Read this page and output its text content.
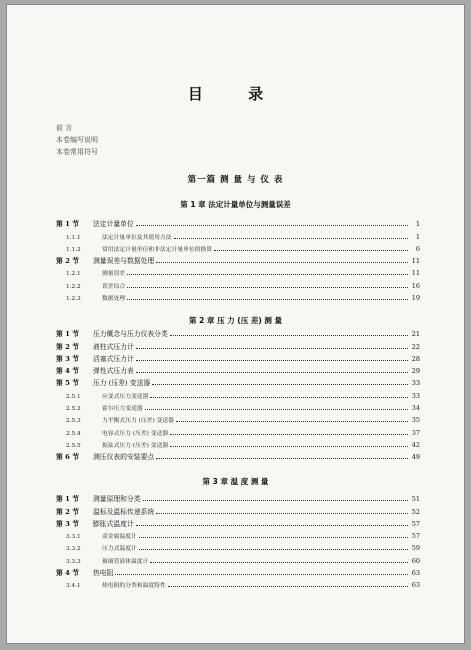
目 录
前 言
本卷编写说明
本卷常用符号
第一篇 测 量 与 仪 表
第 1 章 法定计量单位与测量误差
第 1 节	法定计量单位	1
1.1.1	法定计量单位及其使用方法	1
1.1.2	常用法定计量单位和非法定计量单位的换算	6
第 2 节	测量误差与数据处理	11
1.2.1	测量误差	11
1.2.2	误差综合	16
1.2.3	数据处理	19
第 2 章 压 力 (压 差) 测 量
第 1 节	压力概念与压力仪表分类	21
第 2 节	液柱式压力计	22
第 3 节	活塞式压力计	28
第 4 节	弹性式压力表	29
第 5 节	压力 (压差) 变送器	33
2.5.1	应变式压力变送器	33
2.5.2	霍尔压力变送器	34
2.5.3	力平衡式压力 (压差) 变送器	35
2.5.4	电容式压力 (压差) 变送器	37
2.5.5	振弦式压力 (压差) 变送器	42
第 6 节	测压仪表的安装要点	49
第 3 章 温 度 测 量
第 1 节	测量原理和分类	51
第 2 节	温标及温标传递系统	52
第 3 节	膨胀式温度计	57
3.3.1	双金属温度计	57
3.3.2	压力式温度计	59
3.3.3	玻璃管液体温度计	60
第 4 节	热电阻	63
3.4.1	热电阻的分类和温度特性	63
